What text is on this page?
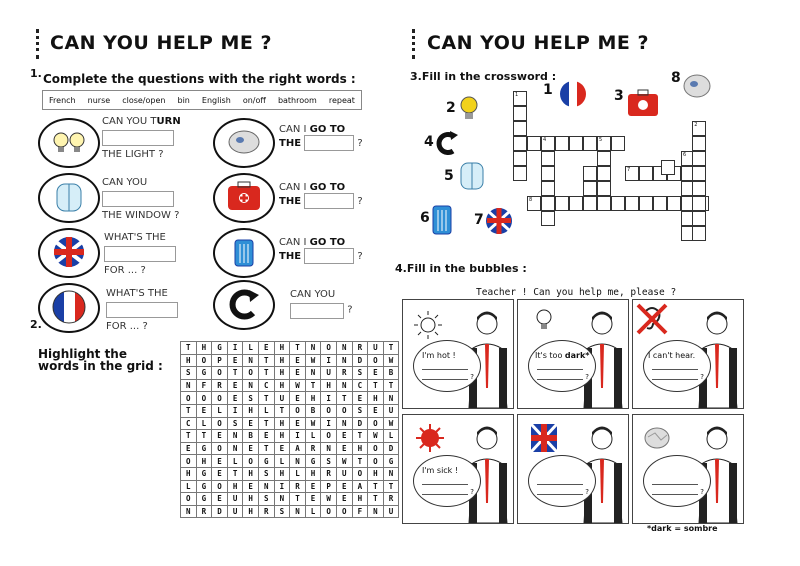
CAN YOU HELP ME ?
1. Complete the questions with the right words :
French nurse close/open bin English on/off bathroom repeat
CAN YOU TURN

THE LIGHT ?
CAN YOU

THE WINDOW ?
WHAT'S THE

FOR ... ?
WHAT'S THE

FOR ... ?
CAN I GO TO
THE	?
CAN I GO TO
THE	?
CAN I GO TO
THE	?
CAN YOU
?
2.
Highlight the words in the grid :
T	H	G	I	L	E	H	T	N	O	N	R	U	T
H	O	P	E	N	T	H	E	W	I	N	D	O	W
S	G	O	T	O	T	H	E	N	U	R	S	E	B
N	F	R	E	N	C	H	W	T	H	N	C	T	T
O	O	O	E	S	T	U	E	H	I	T	E	H	N
T	E	L	I	H	L	T	O	B	O	O	S	E	U
C	L	O	S	E	T	H	E	W	I	N	D	O	W
T	T	E	N	B	E	H	I	L	O	E	T	W	L
E	G	O	N	E	T	E	A	R	N	E	H	O	D
O	H	E	L	O	G	L	N	G	S	W	T	O	G
H	G	E	T	H	S	H	L	H	R	U	O	H	N
L	G	O	H	E	N	I	R	E	P	E	A	T	T
O	G	E	U	H	S	N	T	E	W	E	H	T	R
N	R	D	U	H	R	S	N	L	O	O	F	N	U
CAN YOU HELP ME ?
3.Fill in the crossword :
1
2
3
8
4
5
6	7
1
4	5
8
7
6
2
4.Fill in the bubbles :
Teacher ! Can you help me, please ?
I'm hot !
?
It's too dark*
?
I can't hear.
?
I'm sick !
?	?	?
*dark = sombre
